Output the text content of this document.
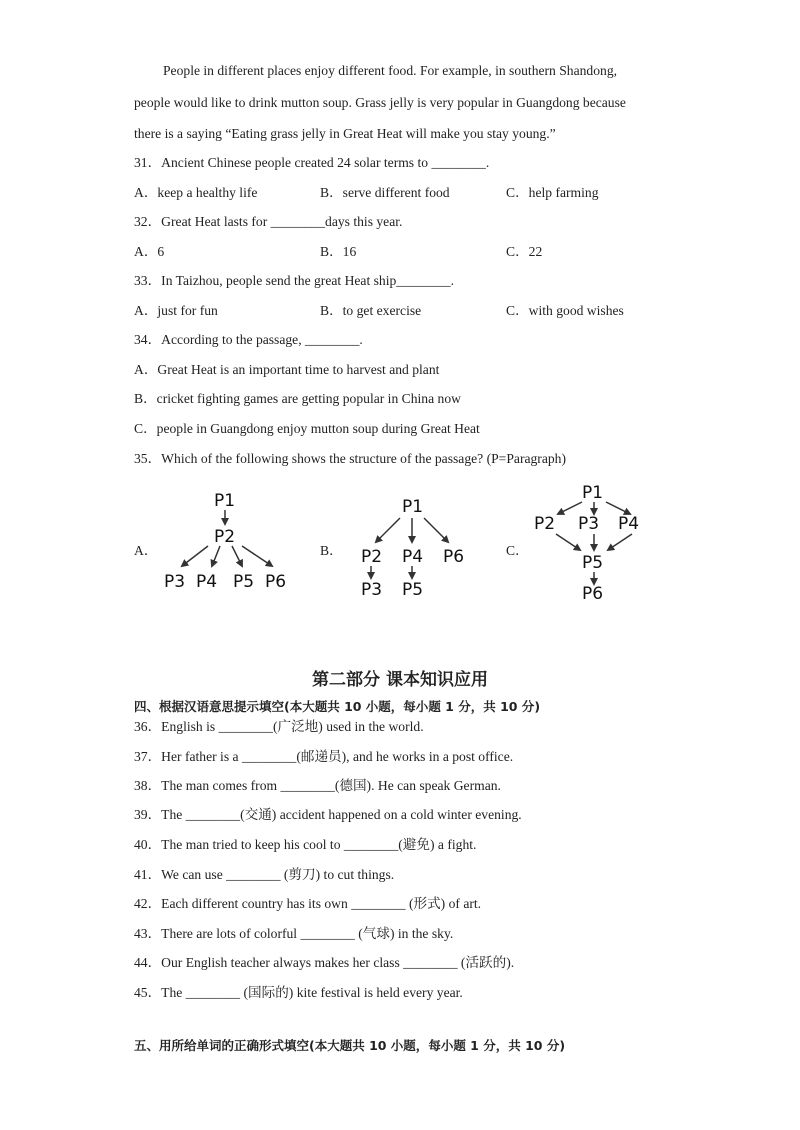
People in different places enjoy different food. For example, in southern Shandong,
people would like to drink mutton soup. Grass jelly is very popular in Guangdong because
there is a saying “Eating grass jelly in Great Heat will make you stay young.”
31．Ancient Chinese people created 24 solar terms to ________.
A．keep a healthy life	B．serve different food	C．help farming
32．Great Heat lasts for ________days this year.
A．6	B．16	C．22
33．In Taizhou, people send the great Heat ship________.
A．just for fun	B．to get exercise	C．with good wishes
34．According to the passage, ________.
A．Great Heat is an important time to harvest and plant
B．cricket fighting games are getting popular in China now
C．people in Guangdong enjoy mutton soup during Great Heat
35．Which of the following shows the structure of the passage? (P=Paragraph)
A．	B．	C．
P1
P2
P3 P4 P5 P6
P1
P2 P4 P6
P3 P5
P1
P2 P3 P4
P5
P6
第二部分 课本知识应用
四、根据汉语意思提示填空(本大题共 10 小题，每小题 1 分，共 10 分)
36．English is ________(广泛地) used in the world.
37．Her father is a ________(邮递员), and he works in a post office.
38．The man comes from ________(德国). He can speak German.
39．The ________(交通) accident happened on a cold winter evening.
40．The man tried to keep his cool to ________(避免) a fight.
41．We can use ________ (剪刀) to cut things.
42．Each different country has its own ________ (形式) of art.
43．There are lots of colorful ________ (气球) in the sky.
44．Our English teacher always makes her class ________ (活跃的).
45．The ________ (国际的) kite festival is held every year.
五、用所给单词的正确形式填空(本大题共 10 小题，每小题 1 分，共 10 分)
